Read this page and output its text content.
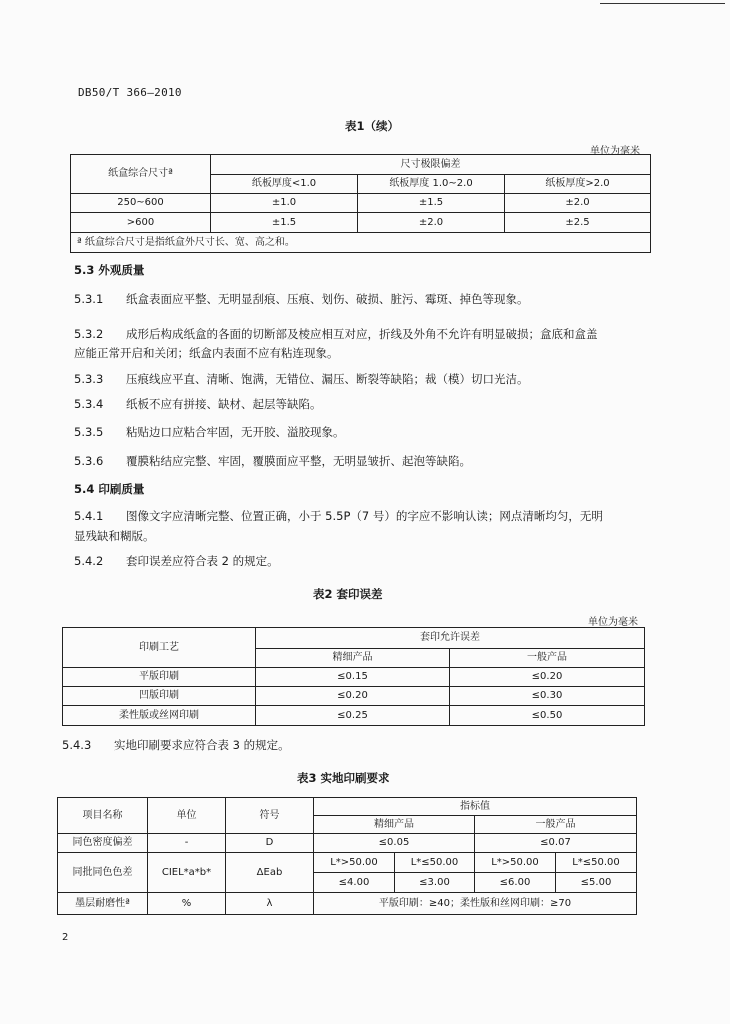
DB50/T 366—2010
表1（续）
单位为毫米
纸盒综合尺寸ª	尺寸极限偏差		
	纸板厚度<1.0	纸板厚度 1.0~2.0	纸板厚度>2.0
250~600	±1.0	±1.5	±2.0
>600	±1.5	±2.0	±2.5
ª 纸盒综合尺寸是指纸盒外尺寸长、宽、高之和。			
5.3 外观质量
5.3.1 纸盒表面应平整、无明显刮痕、压痕、划伤、破损、脏污、霉斑、掉色等现象。
5.3.2 成形后构成纸盒的各面的切断部及棱应相互对应，折线及外角不允许有明显破损；盒底和盒盖
应能正常开启和关闭；纸盒内表面不应有粘连现象。
5.3.3 压痕线应平直、清晰、饱满，无错位、漏压、断裂等缺陷；裁（模）切口光洁。
5.3.4 纸板不应有拼接、缺材、起层等缺陷。
5.3.5 粘贴边口应粘合牢固，无开胶、溢胶现象。
5.3.6 覆膜粘结应完整、牢固，覆膜面应平整，无明显皱折、起泡等缺陷。
5.4 印刷质量
5.4.1 图像文字应清晰完整、位置正确，小于 5.5P（7 号）的字应不影响认读；网点清晰均匀，无明
显残缺和糊版。
5.4.2 套印误差应符合表 2 的规定。
表2 套印误差
单位为毫米
印刷工艺	套印允许误差	
	精细产品	一般产品
平版印刷	≤0.15	≤0.20
凹版印刷	≤0.20	≤0.30
柔性版或丝网印刷	≤0.25	≤0.50
5.4.3 实地印刷要求应符合表 3 的规定。
表3 实地印刷要求
项目名称	单位	符号	指标值			
			精细产品		一般产品	
同色密度偏差	-	D	≤0.05		≤0.07	
同批同色色差	CIEL*a*b*	ΔEab	L*>50.00	L*≤50.00	L*>50.00	L*≤50.00
			≤4.00	≤3.00	≤6.00	≤5.00
墨层耐磨性ª	%	λ	平版印刷：≥40；柔性版和丝网印刷：≥70			
2
